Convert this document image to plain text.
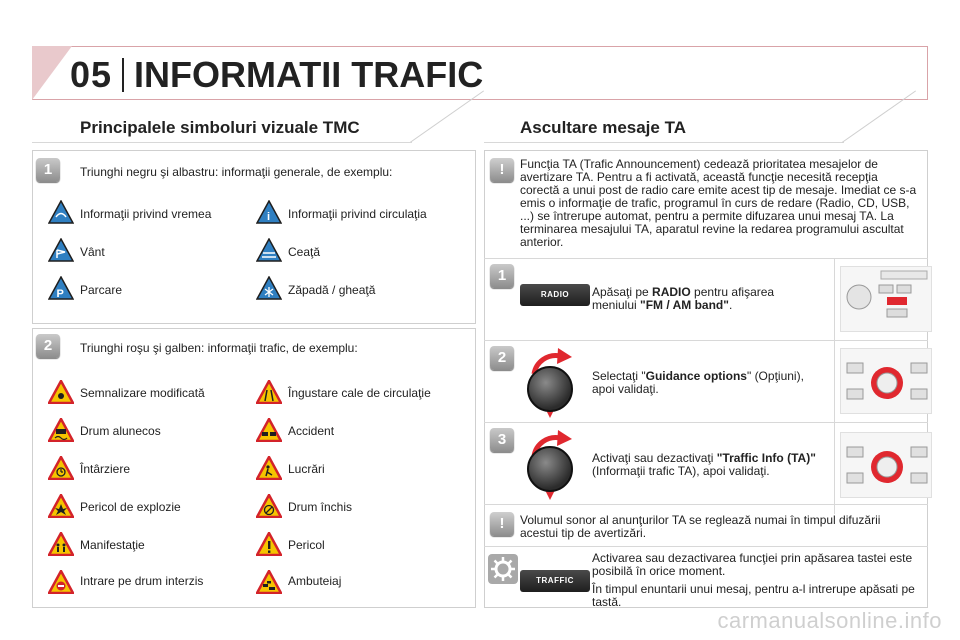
05 INFORMATII TRAFIC
Principalele simboluri vizuale TMC
1	Triunghi negru şi albastru: informaţii generale, de exemplu:
Informaţii privind vremea	i Informaţii privind circulaţia
Vânt	Ceaţă
P Parcare	Zăpadă / gheaţă
2	Triunghi roşu şi galben: informaţii trafic, de exemplu:
Semnalizare modificată	Îngustare cale de circulaţie
Drum alunecos	Accident
Întârziere	Lucrări
Pericol de explozie	Drum închis
Manifestaţie	Pericol
Intrare pe drum interzis	Ambuteiaj
Ascultare mesaje TA
!	Funcţia TA (Trafic Announcement) cedează prioritatea mesajelor de avertizare TA. Pentru a fi activată, această funcţie necesită recepţia corectă a unui post de radio care emite acest tip de mesaje. Imediat ce s-a emis o informaţie de trafic, programul în curs de redare (Radio, CD, USB, ...) se întrerupe automat, pentru a permite difuzarea unui mesaj TA. La terminarea mesajului TA, aparatul revine la redarea programului ascultat anterior.
1
RADIO	Apăsaţi pe RADIO pentru afişarea meniului "FM / AM band".
2
Selectaţi "Guidance options" (Opţiuni), apoi validaţi.
3
Activaţi sau dezactivaţi "Traffic Info (TA)" (Informaţii trafic TA), apoi validaţi.
!	Volumul sonor al anunţurilor TA se reglează numai în timpul difuzării acestui tip de avertizări.
TRAFFIC
Activarea sau dezactivarea funcţiei prin apăsarea tastei este posibilă în orice moment.
În timpul enuntarii unui mesaj, pentru a-l intrerupe apăsati pe tastă.
carmanualsonline.info
